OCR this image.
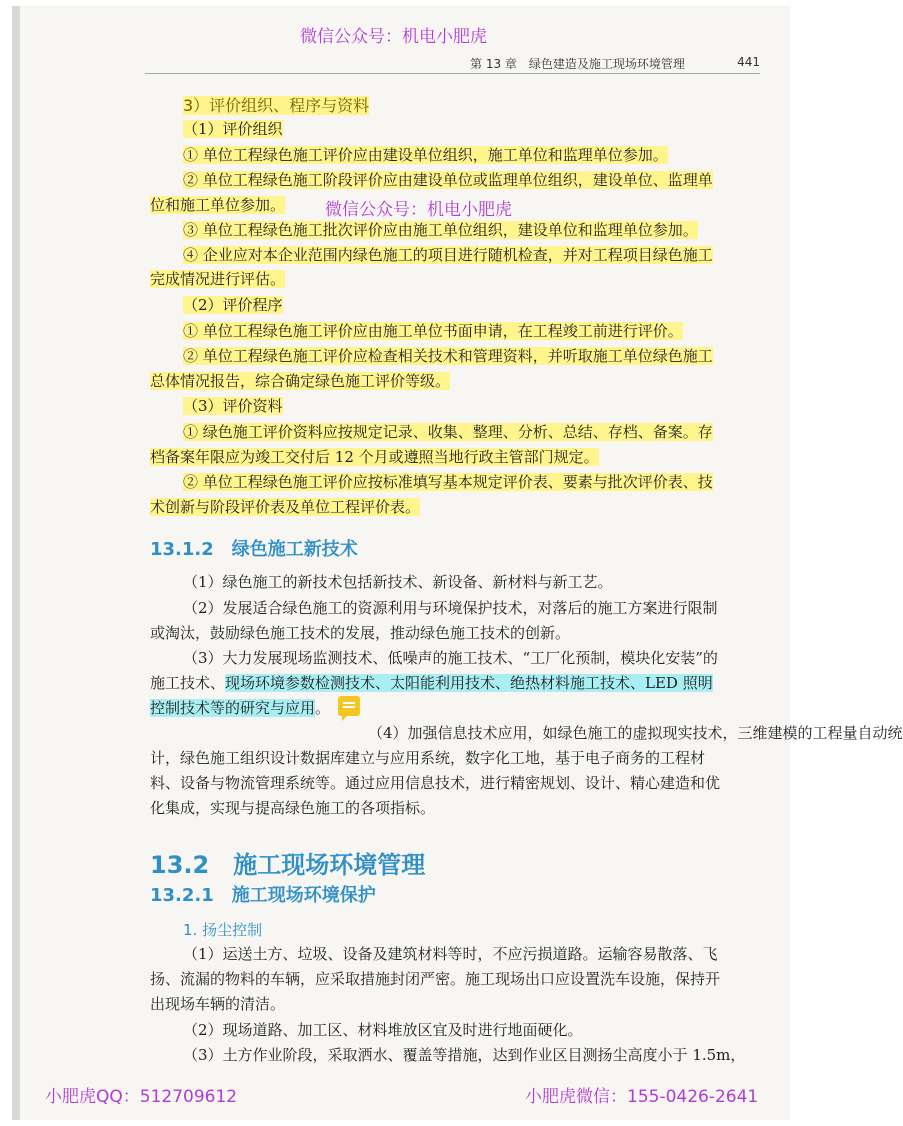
微信公众号：机电小肥虎
微信公众号：机电小肥虎
小肥虎QQ：512709612	小肥虎微信：155-0426-2641
第 13 章　绿色建造及施工现场环境管理	441
3）评价组织、程序与资料
（1）评价组织
① 单位工程绿色施工评价应由建设单位组织，施工单位和监理单位参加。
② 单位工程绿色施工阶段评价应由建设单位或监理单位组织，建设单位、监理单
位和施工单位参加。
③ 单位工程绿色施工批次评价应由施工单位组织，建设单位和监理单位参加。
④ 企业应对本企业范围内绿色施工的项目进行随机检查，并对工程项目绿色施工
完成情况进行评估。
（2）评价程序
① 单位工程绿色施工评价应由施工单位书面申请，在工程竣工前进行评价。
② 单位工程绿色施工评价应检查相关技术和管理资料，并听取施工单位绿色施工
总体情况报告，综合确定绿色施工评价等级。
（3）评价资料
① 绿色施工评价资料应按规定记录、收集、整理、分析、总结、存档、备案。存
档备案年限应为竣工交付后 12 个月或遵照当地行政主管部门规定。
② 单位工程绿色施工评价应按标准填写基本规定评价表、要素与批次评价表、技
术创新与阶段评价表及单位工程评价表。
13.1.2　绿色施工新技术
（1）绿色施工的新技术包括新技术、新设备、新材料与新工艺。
（2）发展适合绿色施工的资源利用与环境保护技术，对落后的施工方案进行限制
或淘汰，鼓励绿色施工技术的发展，推动绿色施工技术的创新。
（3）大力发展现场监测技术、低噪声的施工技术、“工厂化预制，模块化安装”的
施工技术、现场环境参数检测技术、太阳能利用技术、绝热材料施工技术、LED 照明
控制技术等的研究与应用。
（4）加强信息技术应用，如绿色施工的虚拟现实技术，三维建模的工程量自动统
计，绿色施工组织设计数据库建立与应用系统，数字化工地，基于电子商务的工程材
料、设备与物流管理系统等。通过应用信息技术，进行精密规划、设计、精心建造和优
化集成，实现与提高绿色施工的各项指标。
13.2　施工现场环境管理
13.2.1　施工现场环境保护
1. 扬尘控制
（1）运送土方、垃圾、设备及建筑材料等时，不应污损道路。运输容易散落、飞
扬、流漏的物料的车辆，应采取措施封闭严密。施工现场出口应设置洗车设施，保持开
出现场车辆的清洁。
（2）现场道路、加工区、材料堆放区宜及时进行地面硬化。
（3）土方作业阶段，采取洒水、覆盖等措施，达到作业区目测扬尘高度小于 1.5m，
